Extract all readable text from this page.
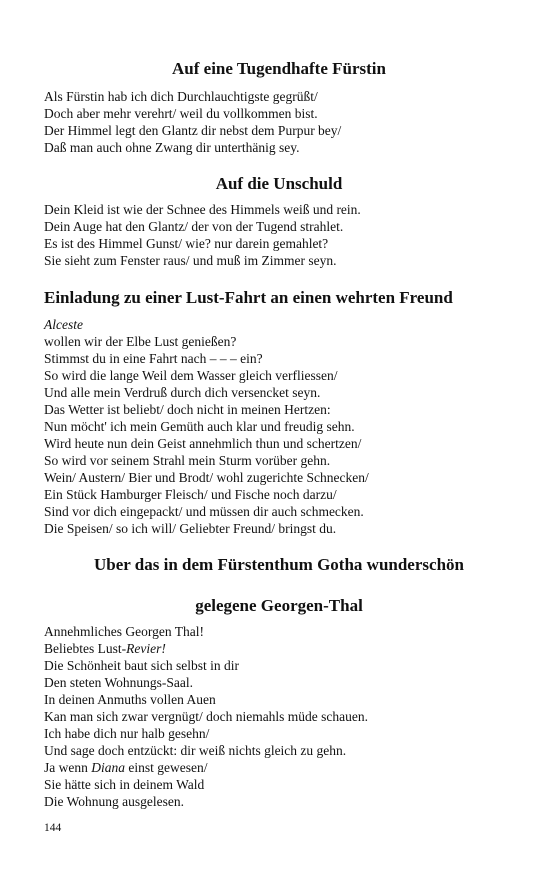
Auf eine Tugendhafte Fürstin
Als Fürstin hab ich dich Durchlauchtigste gegrüßt/
Doch aber mehr verehrt/ weil du vollkommen bist.
Der Himmel legt den Glantz dir nebst dem Purpur bey/
Daß man auch ohne Zwang dir unterthänig sey.
Auf die Unschuld
Dein Kleid ist wie der Schnee des Himmels weiß und rein.
Dein Auge hat den Glantz/ der von der Tugend strahlet.
Es ist des Himmel Gunst/ wie? nur darein gemahlet?
Sie sieht zum Fenster raus/ und muß im Zimmer seyn.
Einladung zu einer Lust-Fahrt an einen wehrten Freund
Alceste
wollen wir der Elbe Lust genießen?
Stimmst du in eine Fahrt nach – – – ein?
So wird die lange Weil dem Wasser gleich verfliessen/
Und alle mein Verdruß durch dich versencket seyn.
Das Wetter ist beliebt/ doch nicht in meinen Hertzen:
Nun möcht' ich mein Gemüth auch klar und freudig sehn.
Wird heute nun dein Geist annehmlich thun und schertzen/
So wird vor seinem Strahl mein Sturm vorüber gehn.
Wein/ Austern/ Bier und Brodt/ wohl zugerichte Schnecken/
Ein Stück Hamburger Fleisch/ und Fische noch darzu/
Sind vor dich eingepackt/ und müssen dir auch schmecken.
Die Speisen/ so ich will/ Geliebter Freund/ bringst du.
Uber das in dem Fürstenthum Gotha wunderschön
gelegene Georgen-Thal
Annehmliches Georgen Thal!
Beliebtes Lust-Revier!
Die Schönheit baut sich selbst in dir
Den steten Wohnungs-Saal.
In deinen Anmuths vollen Auen
Kan man sich zwar vergnügt/ doch niemahls müde schauen.
Ich habe dich nur halb gesehn/
Und sage doch entzückt: dir weiß nichts gleich zu gehn.
Ja wenn Diana einst gewesen/
Sie hätte sich in deinem Wald
Die Wohnung ausgelesen.
144
